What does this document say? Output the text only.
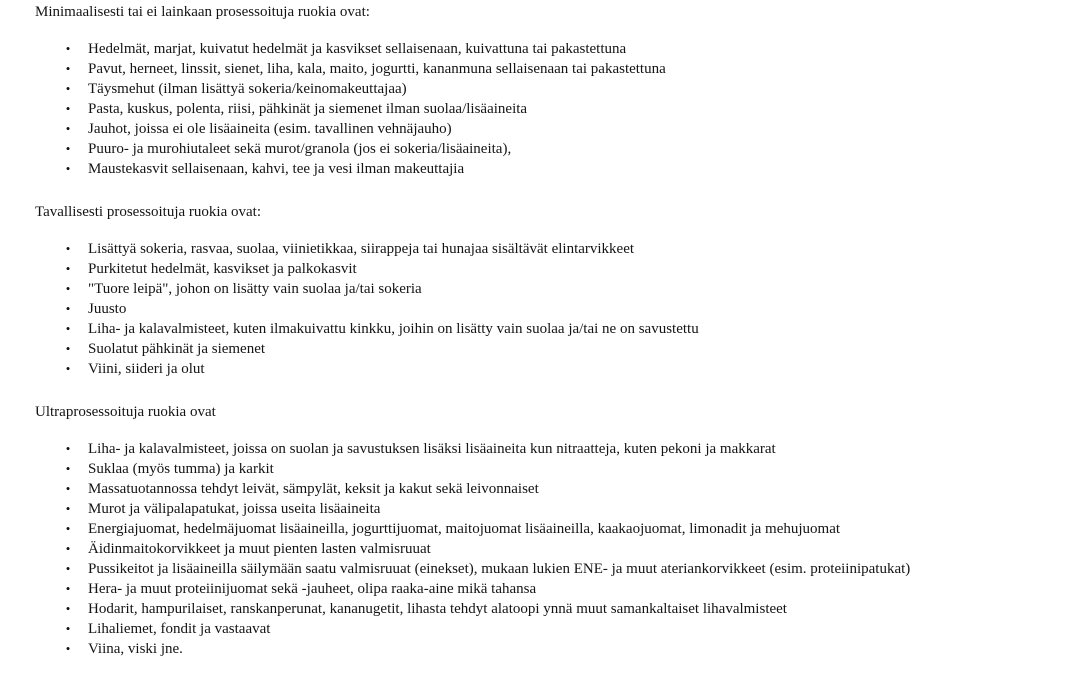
Minimaalisesti tai ei lainkaan prosessoituja ruokia ovat:

• Hedelmät, marjat, kuivatut hedelmät ja kasvikset sellaisenaan, kuivattuna tai pakastettuna
• Pavut, herneet, linssit, sienet, liha, kala, maito, jogurtti, kananmuna sellaisenaan tai pakastettuna
• Täysmehut (ilman lisättyä sokeria/keinomakeuttajaa)
• Pasta, kuskus, polenta, riisi, pähkinät ja siemenet ilman suolaa/lisäaineita
• Jauhot, joissa ei ole lisäaineita (esim. tavallinen vehnäjauho)
• Puuro- ja murohiutaleet sekä murot/granola (jos ei sokeria/lisäaineita),
• Maustekasvit sellaisenaan, kahvi, tee ja vesi ilman makeuttajia

Tavallisesti prosessoituja ruokia ovat:

• Lisättyä sokeria, rasvaa, suolaa, viinietikkaa, siirappeja tai hunajaa sisältävät elintarvikkeet
• Purkitetut hedelmät, kasvikset ja palkokasvit
• "Tuore leipä", johon on lisätty vain suolaa ja/tai sokeria
• Juusto
• Liha- ja kalavalmisteet, kuten ilmakuivattu kinkku, joihin on lisätty vain suolaa ja/tai ne on savustettu
• Suolatut pähkinät ja siemenet
• Viini, siideri ja olut

Ultraprosessoituja ruokia ovat

• Liha- ja kalavalmisteet, joissa on suolan ja savustuksen lisäksi lisäaineita kun nitraatteja, kuten pekoni ja makkarat
• Suklaa (myös tumma) ja karkit
• Massatuotannossa tehdyt leivät, sämpylät, keksit ja kakut sekä leivonnaiset
• Murot ja välipalapatukat, joissa useita lisäaineita
• Energiajuomat, hedelmäjuomat lisäaineilla, jogurttijuomat, maitojuomat lisäaineilla, kaakaojuomat, limonadit ja mehujuomat
• Äidinmaitokorvikkeet ja muut pienten lasten valmisruuat
• Pussikeitot ja lisäaineilla säilymään saatu valmisruuat (einekset), mukaan lukien ENE- ja muut ateriankorvikkeet (esim. proteiinipatukat)
• Hera- ja muut proteiinijuomat sekä -jauheet, olipa raaka-aine mikä tahansa
• Hodarit, hampurilaiset, ranskanperunat, kananugetit, lihasta tehdyt alatoopi ynnä muut samankaltaiset lihavalmisteet
• Lihaliemet, fondit ja vastaavat
• Viina, viski jne.
